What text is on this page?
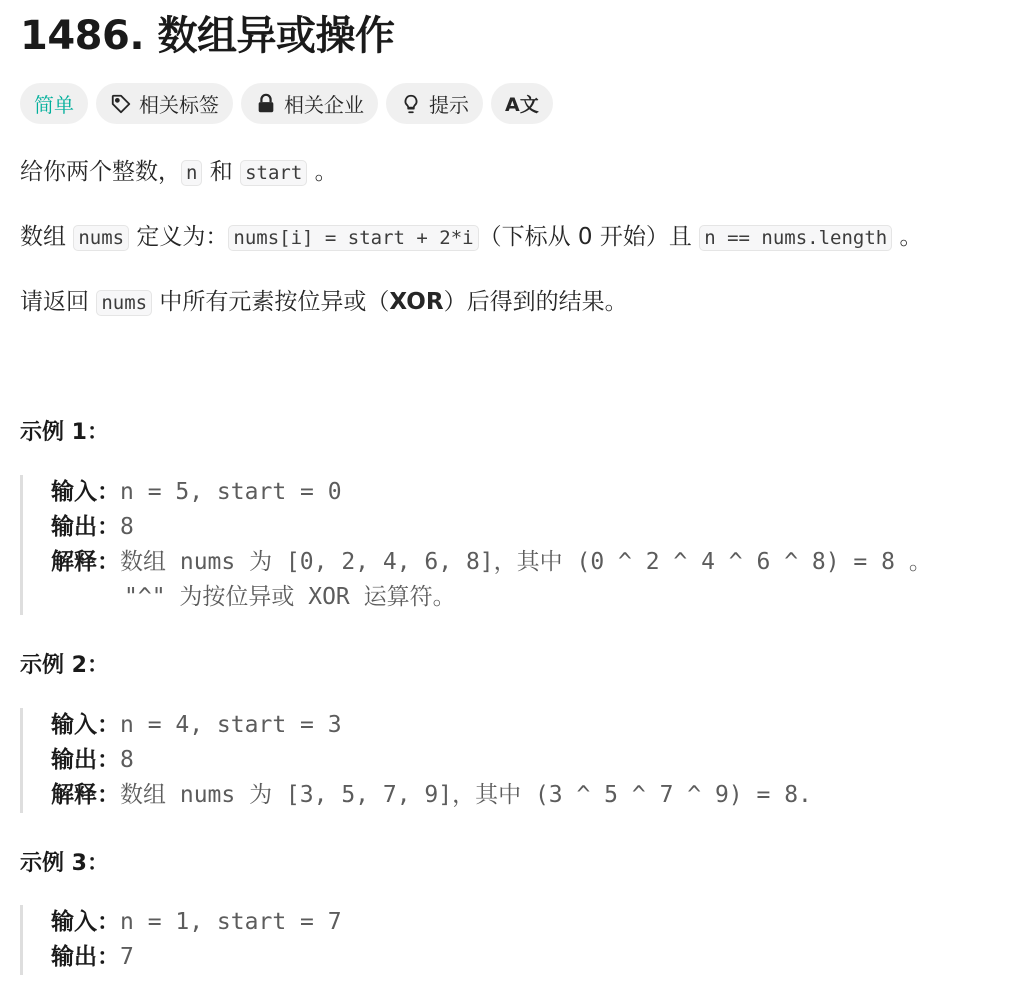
1486. 数组异或操作
简单	相关标签	相关企业	提示 A文
给你两个整数， n 和 start 。
数组 nums 定义为： nums[i] = start + 2*i （下标从 0 开始）且 n == nums.length 。
请返回 nums 中所有元素按位异或（XOR）后得到的结果。
示例 1：
输入：n = 5, start = 0
输出：8
解释：数组 nums 为 [0, 2, 4, 6, 8]，其中 (0 ^ 2 ^ 4 ^ 6 ^ 8) = 8 。
"^" 为按位异或 XOR 运算符。
示例 2：
输入：n = 4, start = 3
输出：8
解释：数组 nums 为 [3, 5, 7, 9]，其中 (3 ^ 5 ^ 7 ^ 9) = 8.
示例 3：
输入：n = 1, start = 7
输出：7
